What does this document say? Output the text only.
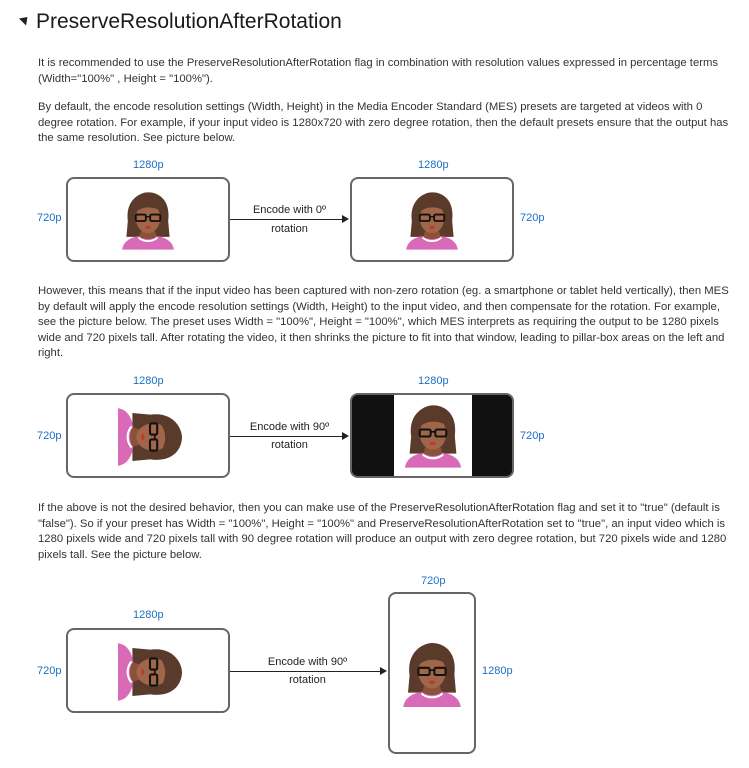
PreserveResolutionAfterRotation
It is recommended to use the PreserveResolutionAfterRotation flag in combination with resolution values expressed in percentage terms (Width="100%" , Height = "100%").
By default, the encode resolution settings (Width, Height) in the Media Encoder Standard (MES) presets are targeted at videos with 0 degree rotation. For example, if your input video is 1280x720 with zero degree rotation, then the default presets ensure that the output has the same resolution. See picture below.
1280p
720p
Encode with 0º
rotation
1280p
720p
However, this means that if the input video has been captured with non-zero rotation (eg. a smartphone or tablet held vertically), then MES by default will apply the encode resolution settings (Width, Height) to the input video, and then compensate for the rotation. For example, see the picture below. The preset uses Width = "100%", Height = "100%", which MES interprets as requiring the output to be 1280 pixels wide and 720 pixels tall. After rotating the video, it then shrinks the picture to fit into that window, leading to pillar-box areas on the left and right.
1280p
720p
Encode with 90º
rotation
1280p
720p
If the above is not the desired behavior, then you can make use of the PreserveResolutionAfterRotation flag and set it to "true" (default is "false"). So if your preset has Width = "100%", Height = "100%" and PreserveResolutionAfterRotation set to "true", an input video which is 1280 pixels wide and 720 pixels tall with 90 degree rotation will produce an output with zero degree rotation, but 720 pixels wide and 1280 pixels tall. See the picture below.
1280p
720p
Encode with 90º
rotation
720p
1280p
